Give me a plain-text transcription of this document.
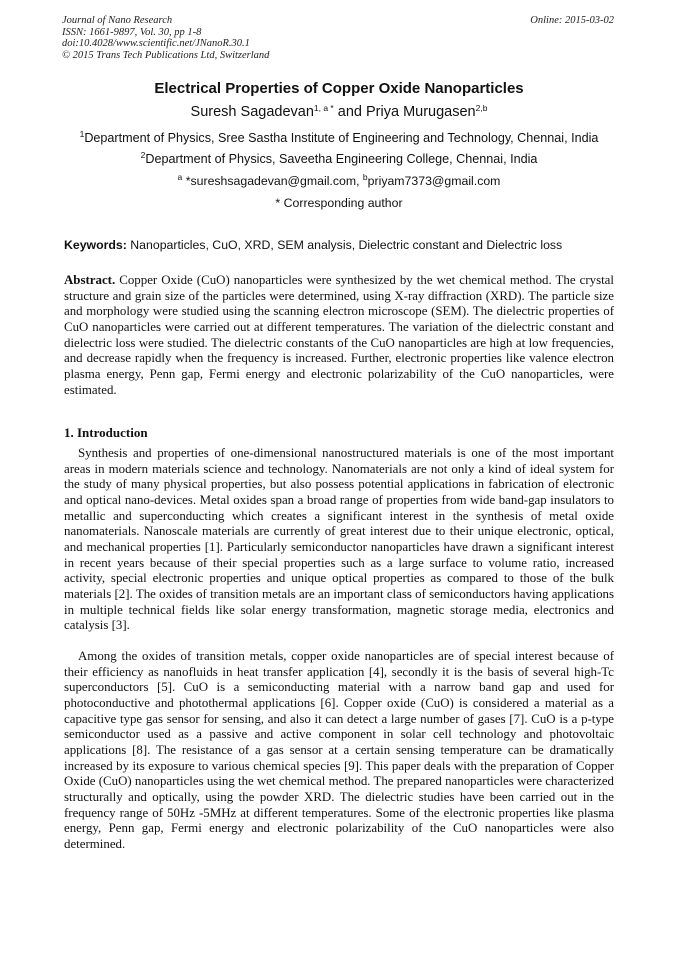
Journal of Nano Research
ISSN: 1661-9897, Vol. 30, pp 1-8
doi:10.4028/www.scientific.net/JNanoR.30.1
© 2015 Trans Tech Publications Ltd, Switzerland
Online: 2015-03-02
Electrical Properties of Copper Oxide Nanoparticles
Suresh Sagadevan$^{1, a *}$ and Priya Murugasen$^{2,b}$
$^1$Department of Physics, Sree Sastha Institute of Engineering and Technology, Chennai, India
$^2$Department of Physics, Saveetha Engineering College, Chennai, India
$^a$ *sureshsagadevan@gmail.com, $^b$priyam7373@gmail.com
* Corresponding author
Keywords: Nanoparticles, CuO, XRD, SEM analysis, Dielectric constant and Dielectric loss
Abstract. Copper Oxide (CuO) nanoparticles were synthesized by the wet chemical method. The crystal structure and grain size of the particles were determined, using X-ray diffraction (XRD). The particle size and morphology were studied using the scanning electron microscope (SEM). The dielectric properties of CuO nanoparticles were carried out at different temperatures. The variation of the dielectric constant and dielectric loss were studied. The dielectric constants of the CuO nanoparticles are high at low frequencies, and decrease rapidly when the frequency is increased. Further, electronic properties like valence electron plasma energy, Penn gap, Fermi energy and electronic polarizability of the CuO nanoparticles, were estimated.
1. Introduction
Synthesis and properties of one-dimensional nanostructured materials is one of the most important areas in modern materials science and technology. Nanomaterials are not only a kind of ideal system for the study of many physical properties, but also possess potential applications in fabrication of electronic and optical nano-devices. Metal oxides span a broad range of properties from wide band-gap insulators to metallic and superconducting which creates a significant interest in the synthesis of metal oxide nanomaterials. Nanoscale materials are currently of great interest due to their unique electronic, optical, and mechanical properties [1]. Particularly semiconductor nanoparticles have drawn a significant interest in recent years because of their special properties such as a large surface to volume ratio, increased activity, special electronic properties and unique optical properties as compared to those of the bulk materials [2]. The oxides of transition metals are an important class of semiconductors having applications in multiple technical fields like solar energy transformation, magnetic storage media, electronics and catalysis [3].
Among the oxides of transition metals, copper oxide nanoparticles are of special interest because of their efficiency as nanofluids in heat transfer application [4], secondly it is the basis of several high-Tc superconductors [5]. CuO is a semiconducting material with a narrow band gap and used for photoconductive and photothermal applications [6]. Copper oxide (CuO) is considered a material as a capacitive type gas sensor for sensing, and also it can detect a large number of gases [7]. CuO is a p-type semiconductor used as a passive and active component in solar cell technology and photovoltaic applications [8]. The resistance of a gas sensor at a certain sensing temperature can be dramatically increased by its exposure to various chemical species [9]. This paper deals with the preparation of Copper Oxide (CuO) nanoparticles using the wet chemical method. The prepared nanoparticles were characterized structurally and optically, using the powder XRD. The dielectric studies have been carried out in the frequency range of 50Hz -5MHz at different temperatures. Some of the electronic properties like plasma energy, Penn gap, Fermi energy and electronic polarizability of the CuO nanoparticles were also determined.
